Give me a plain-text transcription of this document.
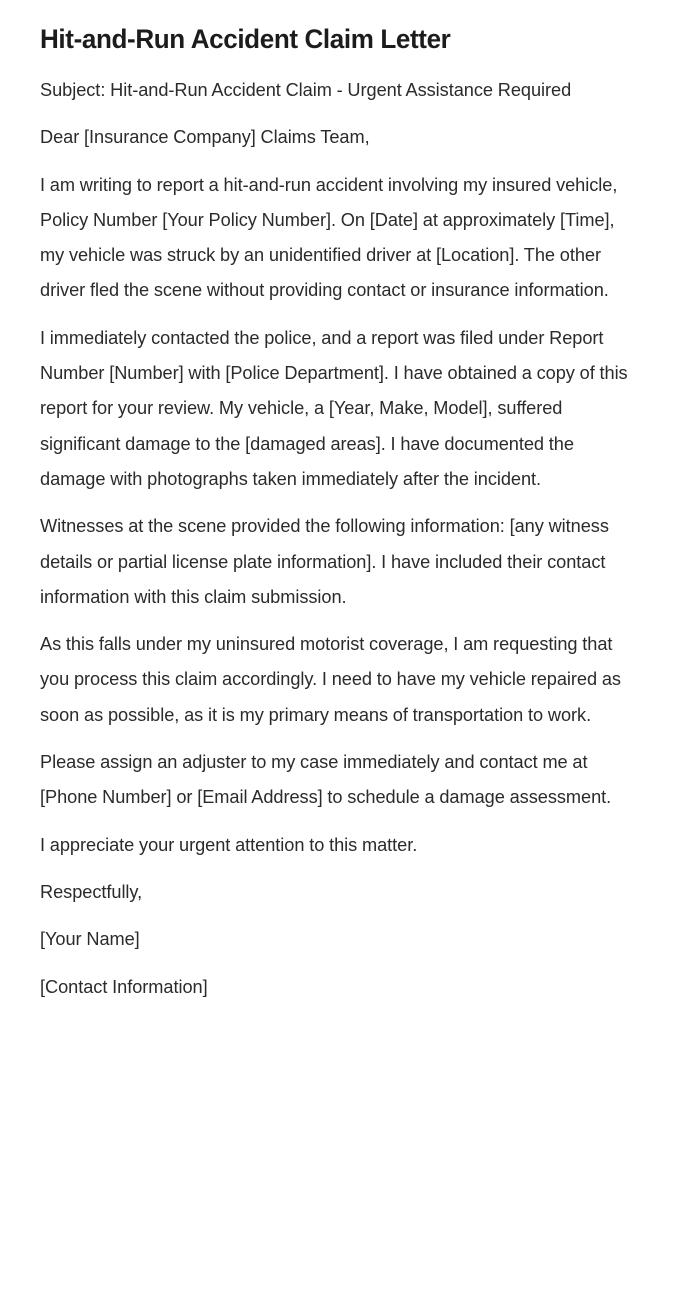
Hit-and-Run Accident Claim Letter

Subject: Hit-and-Run Accident Claim - Urgent Assistance Required

Dear [Insurance Company] Claims Team,

I am writing to report a hit-and-run accident involving my insured vehicle, Policy Number [Your Policy Number]. On [Date] at approximately [Time], my vehicle was struck by an unidentified driver at [Location]. The other driver fled the scene without providing contact or insurance information.

I immediately contacted the police, and a report was filed under Report Number [Number] with [Police Department]. I have obtained a copy of this report for your review. My vehicle, a [Year, Make, Model], suffered significant damage to the [damaged areas]. I have documented the damage with photographs taken immediately after the incident.

Witnesses at the scene provided the following information: [any witness details or partial license plate information]. I have included their contact information with this claim submission.

As this falls under my uninsured motorist coverage, I am requesting that you process this claim accordingly. I need to have my vehicle repaired as soon as possible, as it is my primary means of transportation to work.

Please assign an adjuster to my case immediately and contact me at [Phone Number] or [Email Address] to schedule a damage assessment.

I appreciate your urgent attention to this matter.

Respectfully,

[Your Name]

[Contact Information]
